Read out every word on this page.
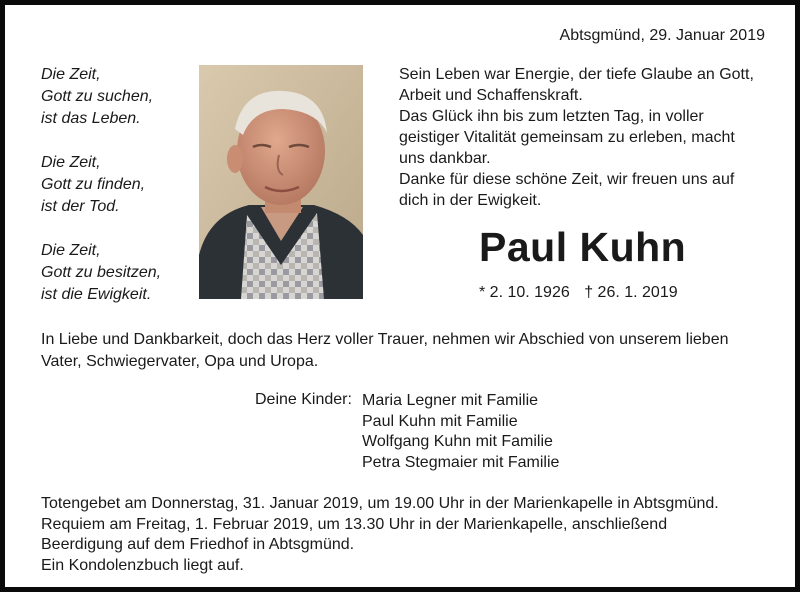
Abtsgmünd, 29. Januar 2019
Die Zeit,
Gott zu suchen,
ist das Leben.
Die Zeit,
Gott zu finden,
ist der Tod.
Die Zeit,
Gott zu besitzen,
ist die Ewigkeit.
Sein Leben war Energie, der tiefe Glaube an Gott,
Arbeit und Schaffenskraft.
Das Glück ihn bis zum letzten Tag, in voller
geistiger Vitalität gemeinsam zu erleben, macht
uns dankbar.
Danke für diese schöne Zeit, wir freuen uns auf
dich in der Ewigkeit.
Paul Kuhn
* 2. 10. 1926 † 26. 1. 2019
In Liebe und Dankbarkeit, doch das Herz voller Trauer, nehmen wir Abschied von unserem lieben
Vater, Schwiegervater, Opa und Uropa.
Deine Kinder: Maria Legner mit Familie
Paul Kuhn mit Familie
Wolfgang Kuhn mit Familie
Petra Stegmaier mit Familie
Totengebet am Donnerstag, 31. Januar 2019, um 19.00 Uhr in der Marienkapelle in Abtsgmünd.
Requiem am Freitag, 1. Februar 2019, um 13.30 Uhr in der Marienkapelle, anschließend
Beerdigung auf dem Friedhof in Abtsgmünd.
Ein Kondolenzbuch liegt auf.
